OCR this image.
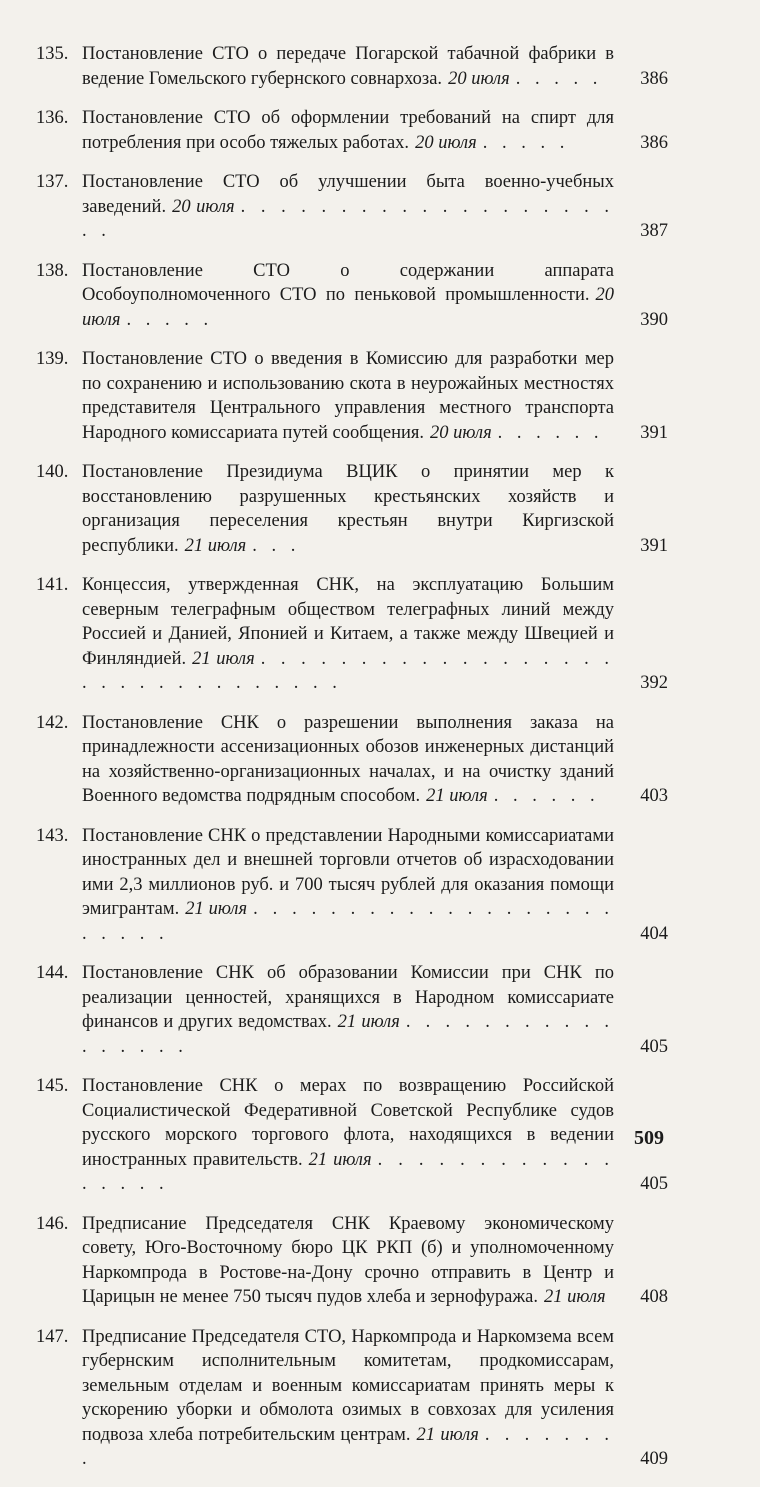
135. Постановление СТО о передаче Погарской табачной фабрики в ведение Гомельского губернского совнархоза. 20 июля . . . . .	386
136. Постановление СТО об оформлении требований на спирт для потребления при особо тяжелых работах. 20 июля . . . . .	386
137. Постановление СТО об улучшении быта военно-учебных заведений. 20 июля . . . . . . . . . . . . . . . . . . . . .	387
138. Постановление СТО о содержании аппарата Особоуполномоченного СТО по пеньковой промышленности. 20 июля . . . . .	390
139. Постановление СТО о введения в Комиссию для разработки мер по сохранению и использованию скота в неурожайных местностях представителя Центрального управления местного транспорта Народного комиссариата путей сообщения. 20 июля . . . . . .	391
140. Постановление Президиума ВЦИК о принятии мер к восстановлению разрушенных крестьянских хозяйств и организация переселения крестьян внутри Киргизской республики. 21 июля . . .	391
141. Концессия, утвержденная СНК, на эксплуатацию Большим северным телеграфным обществом телеграфных линий между Россией и Данией, Японией и Китаем, а также между Швецией и Финляндией. 21 июля . . . . . . . . . . . . . . . . . . . . . . . . . . . . . . . .	392
142. Постановление СНК о разрешении выполнения заказа на принадлежности ассенизационных обозов инженерных дистанций на хозяйственно-организационных началах, и на очистку зданий Военного ведомства подрядным способом. 21 июля . . . . . .	403
143. Постановление СНК о представлении Народными комиссариатами иностранных дел и внешней торговли отчетов об израсходовании ими 2,3 миллионов руб. и 700 тысяч рублей для оказания помощи эмигрантам. 21 июля . . . . . . . . . . . . . . . . . . . . . . . .	404
144. Постановление СНК об образовании Комиссии при СНК по реализации ценностей, хранящихся в Народном комиссариате финансов и других ведомствах. 21 июля . . . . . . . . . . . . . . . . .	405
145. Постановление СНК о мерах по возвращению Российской Социалистической Федеративной Советской Республике судов русского морского торгового флота, находящихся в ведении иностранных правительств. 21 июля . . . . . . . . . . . . . . . . .	405
146. Предписание Председателя СНК Краевому экономическому совету, Юго-Восточному бюро ЦК РКП (б) и уполномоченному Наркомпрода в Ростове-на-Дону срочно отправить в Центр и Царицын не менее 750 тысяч пудов хлеба и зернофуража. 21 июля	408
147. Предписание Председателя СТО, Наркомпрода и Наркомзема всем губернским исполнительным комитетам, продкомиссарам, земельным отделам и военным комиссариатам принять меры к ускорению уборки и обмолота озимых в совхозах для усиления подвоза хлеба потребительским центрам. 21 июля . . . . . . . .	409
509
